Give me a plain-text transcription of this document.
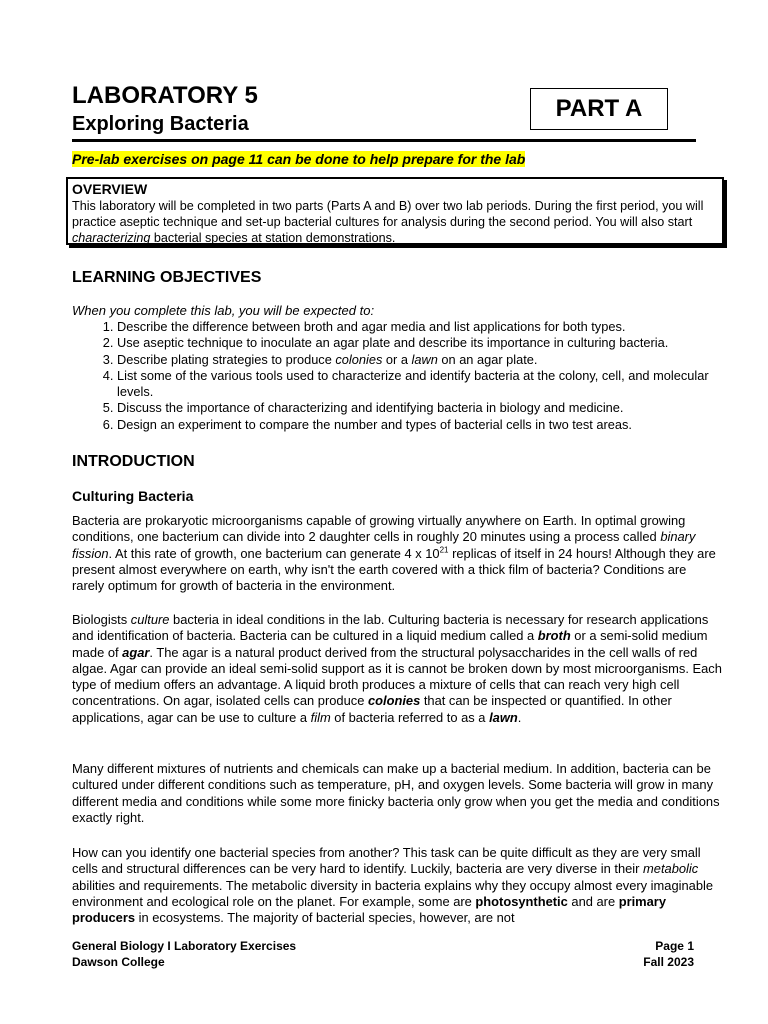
LABORATORY 5
Exploring Bacteria
PART A
Pre-lab exercises on page 11 can be done to help prepare for the lab
OVERVIEW
This laboratory will be completed in two parts (Parts A and B) over two lab periods. During the first period, you will practice aseptic technique and set-up bacterial cultures for analysis during the second period. You will also start characterizing bacterial species at station demonstrations.
LEARNING OBJECTIVES
When you complete this lab, you will be expected to:
1. Describe the difference between broth and agar media and list applications for both types.
2. Use aseptic technique to inoculate an agar plate and describe its importance in culturing bacteria.
3. Describe plating strategies to produce colonies or a lawn on an agar plate.
4. List some of the various tools used to characterize and identify bacteria at the colony, cell, and molecular levels.
5. Discuss the importance of characterizing and identifying bacteria in biology and medicine.
6. Design an experiment to compare the number and types of bacterial cells in two test areas.
INTRODUCTION
Culturing Bacteria
Bacteria are prokaryotic microorganisms capable of growing virtually anywhere on Earth. In optimal growing conditions, one bacterium can divide into 2 daughter cells in roughly 20 minutes using a process called binary fission. At this rate of growth, one bacterium can generate 4 x $10^{21}$ replicas of itself in 24 hours! Although they are present almost everywhere on earth, why isn't the earth covered with a thick film of bacteria? Conditions are rarely optimum for growth of bacteria in the environment.
Biologists culture bacteria in ideal conditions in the lab. Culturing bacteria is necessary for research applications and identification of bacteria. Bacteria can be cultured in a liquid medium called a broth or a semi-solid medium made of agar. The agar is a natural product derived from the structural polysaccharides in the cell walls of red algae. Agar can provide an ideal semi-solid support as it is cannot be broken down by most microorganisms. Each type of medium offers an advantage. A liquid broth produces a mixture of cells that can reach very high cell concentrations. On agar, isolated cells can produce colonies that can be inspected or quantified. In other applications, agar can be use to culture a film of bacteria referred to as a lawn.
Many different mixtures of nutrients and chemicals can make up a bacterial medium. In addition, bacteria can be cultured under different conditions such as temperature, pH, and oxygen levels. Some bacteria will grow in many different media and conditions while some more finicky bacteria only grow when you get the media and conditions exactly right.
How can you identify one bacterial species from another? This task can be quite difficult as they are very small cells and structural differences can be very hard to identify. Luckily, bacteria are very diverse in their metabolic abilities and requirements. The metabolic diversity in bacteria explains why they occupy almost every imaginable environment and ecological role on the planet. For example, some are photosynthetic and are primary producers in ecosystems. The majority of bacterial species, however, are not
General Biology I Laboratory Exercises
Dawson College
Page 1
Fall 2023
